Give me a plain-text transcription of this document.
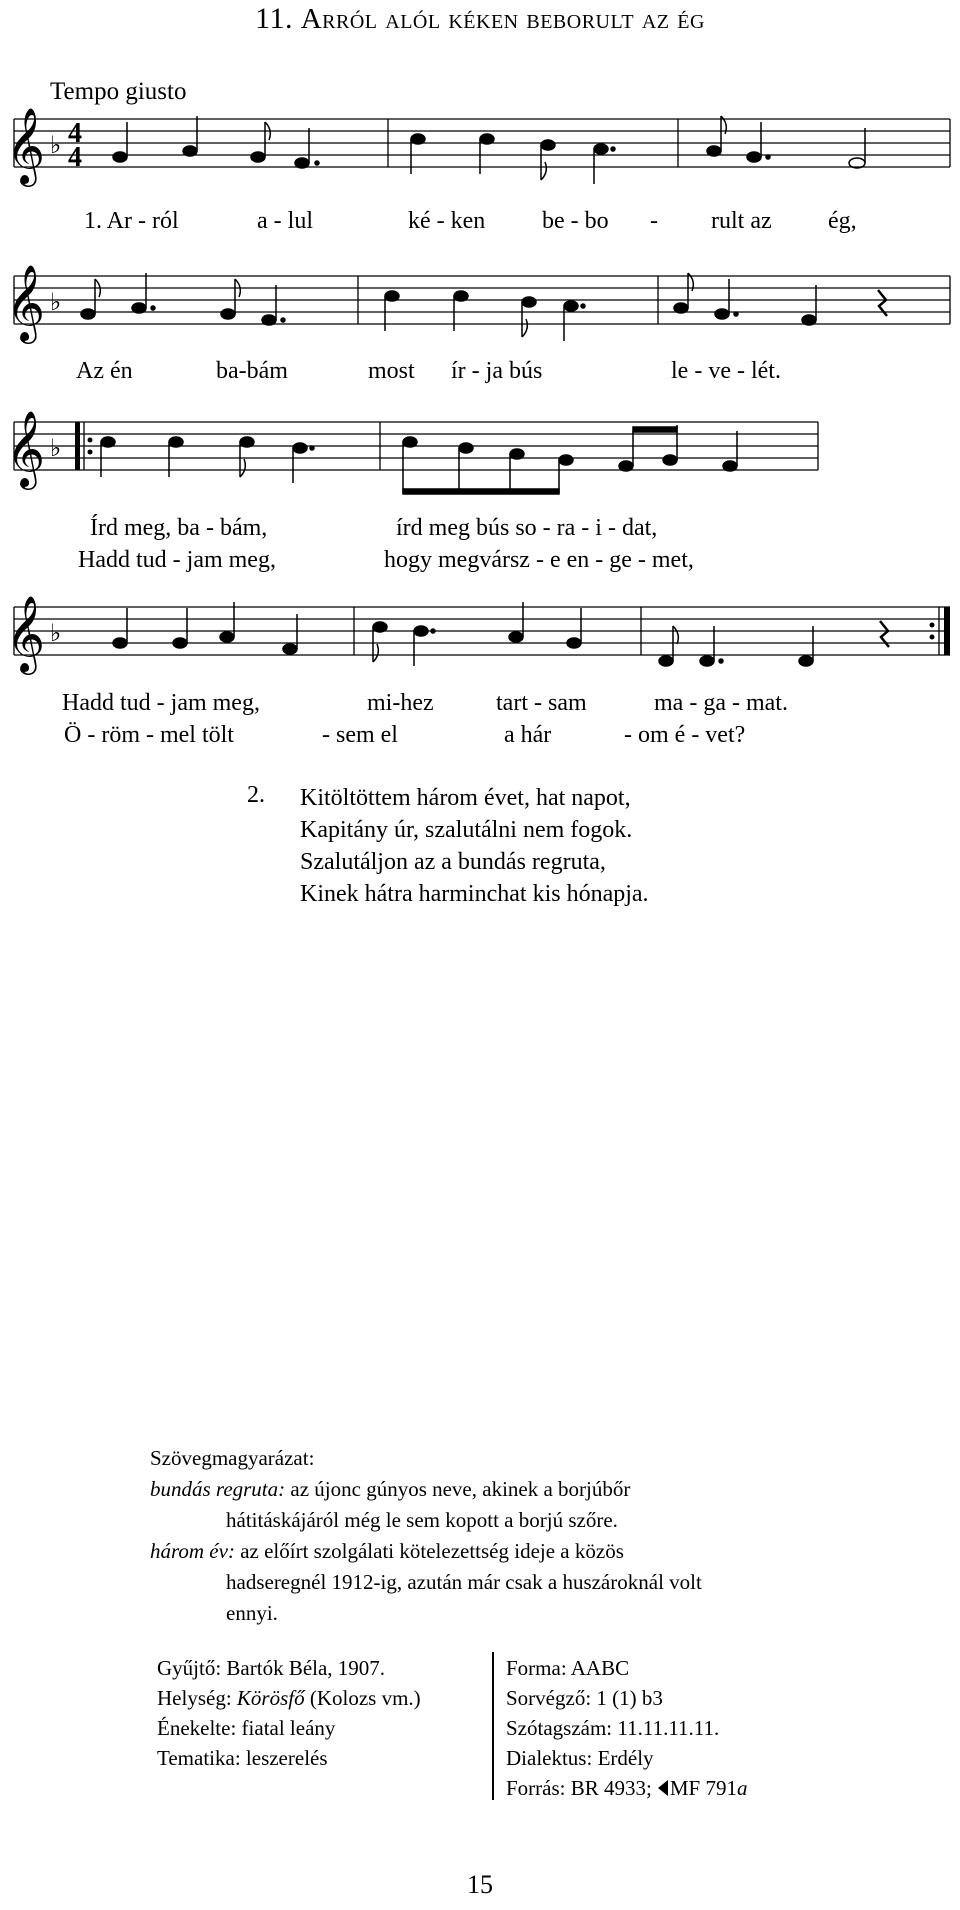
11. Arról alól kéken beborult az ég
Tempo giusto
𝄞
𝄞
𝄞
𝄞
♭
♭
♭
♭
4
4
1. Ar - ról	a - lul	ké - ken be - bo - rult az ég,
Az én	ba-bám	most ír - ja bús	le - ve - lét.
Írd meg, ba - bám,	írd meg bús so - ra - i - dat,
Hadd tud - jam meg,	hogy megvársz - e en - ge - met,
Hadd tud - jam meg,	mi-hez	tart - sam	ma - ga - mat.
Ö - röm - mel tölt	- sem el	a hár	- om é - vet?
2. Kitöltöttem három évet, hat napot,
Kapitány úr, szalutálni nem fogok.
Szalutáljon az a bundás regruta,
Kinek hátra harminchat kis hónapja.
Szövegmagyarázat:
bundás regruta: az újonc gúnyos neve, akinek a borjúbőr
hátitáskájáról még le sem kopott a borjú szőre.
három év: az előírt szolgálati kötelezettség ideje a közös
hadseregnél 1912-ig, azután már csak a huszároknál volt
ennyi.
Gyűjtő: Bartók Béla, 1907.
Helység: Körösfő (Kolozs vm.)
Énekelte: fiatal leány
Tematika: leszerelés
Forma: AABC
Sorvégző: 1 (1) b3
Szótagszám: 11.11.11.11.
Dialektus: Erdély
Forrás: BR 4933; MF 791a
15
